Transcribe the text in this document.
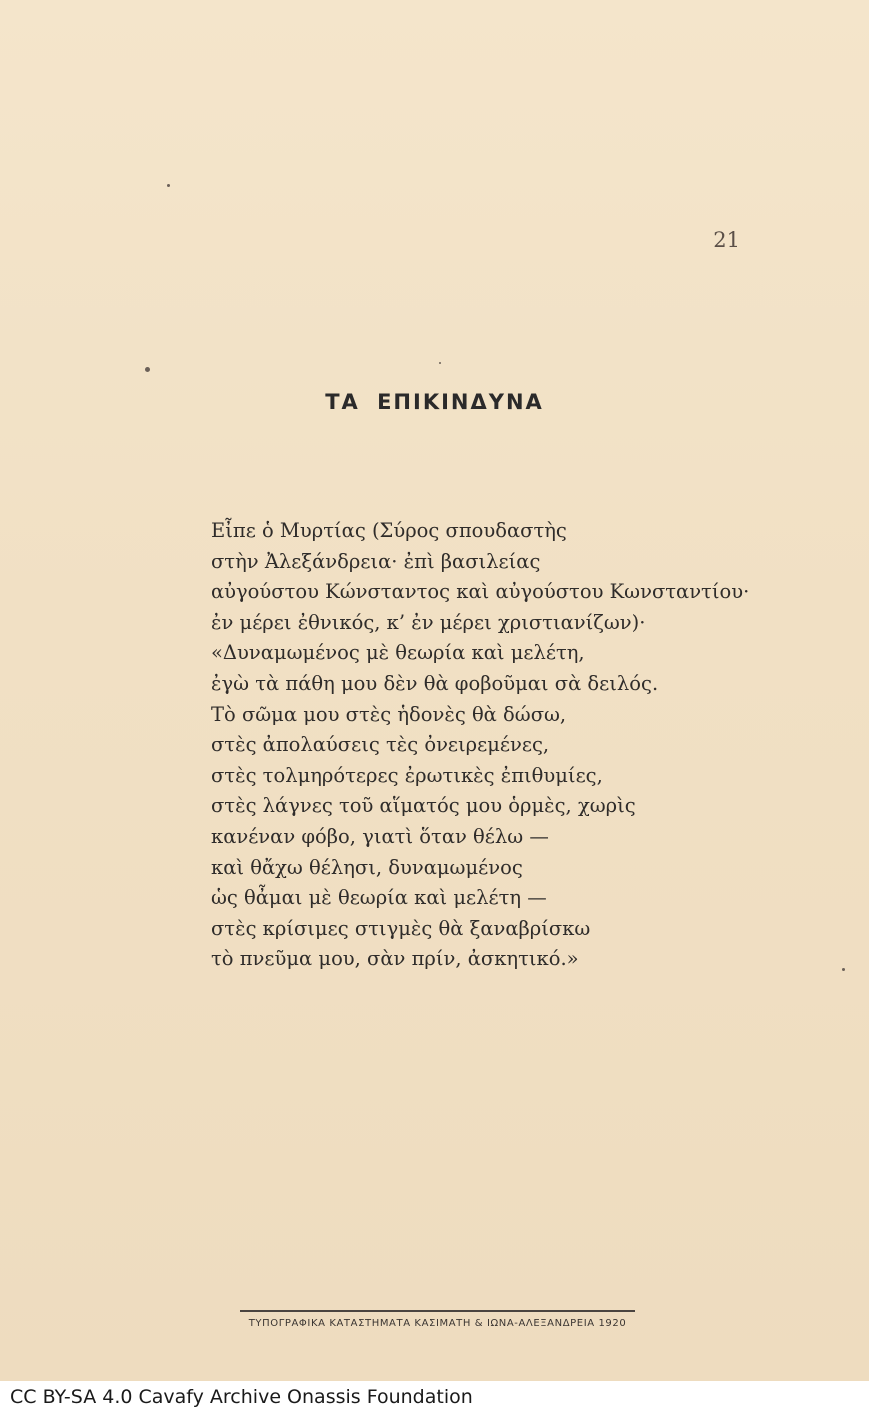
21
ΤΑ ΕΠΙΚΙΝΔΥΝΑ
Εἶπε ὁ Μυρτίας (Σύρος σπουδαστὴς
στὴν Ἀλεξάνδρεια· ἐπὶ βασιλείας
αὐγούστου Κώνσταντος καὶ αὐγούστου Κωνσταντίου·
ἐν μέρει ἐθνικός, κ’ ἐν μέρει χριστιανίζων)·
«Δυναμωμένος μὲ θεωρία καὶ μελέτη,
ἐγὼ τὰ πάθη μου δὲν θὰ φοβοῦμαι σὰ δειλός.
Τὸ σῶμα μου στὲς ἡδονὲς θὰ δώσω,
στὲς ἀπολαύσεις τὲς ὀνειρεμένες,
στὲς τολμηρότερες ἐρωτικὲς ἐπιθυμίες,
στὲς λάγνες τοῦ αἵματός μου ὁρμὲς, χωρὶς
κανέναν φόβο, γιατὶ ὅταν θέλω —
καὶ θἄχω θέλησι, δυναμωμένος
ὡς θἆμαι μὲ θεωρία καὶ μελέτη —
στὲς κρίσιμες στιγμὲς θὰ ξαναβρίσκω
τὸ πνεῦμα μου, σὰν πρίν, ἀσκητικό.»
ΤΥΠΟΓΡΑΦΙΚΑ ΚΑΤΑΣΤΗΜΑΤΑ ΚΑΣΙΜΑΤΗ & ΙΩΝΑ-ΑΛΕΞΑΝΔΡΕΙΑ 1920
CC BY-SA 4.0 Cavafy Archive Onassis Foundation
